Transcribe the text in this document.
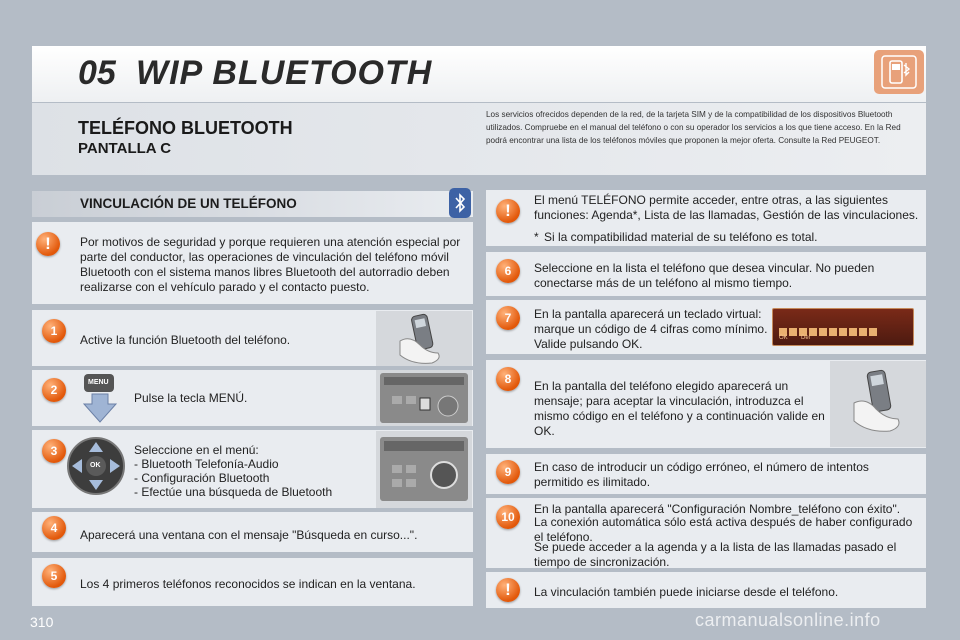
05 WIP BLUETOOTH
TELÉFONO BLUETOOTH
PANTALLA C
Los servicios ofrecidos dependen de la red, de la tarjeta SIM y de la compatibilidad de los dispositivos Bluetooth utilizados. Compruebe en el manual del teléfono o con su operador los servicios a los que tiene acceso. En la Red podrá encontrar una lista de los teléfonos móviles que proponen la mejor oferta. Consulte la Red PEUGEOT.
VINCULACIÓN DE UN TELÉFONO
!	Por motivos de seguridad y porque requieren una atención especial por parte del conductor, las operaciones de vinculación del teléfono móvil Bluetooth con el sistema manos libres Bluetooth del autorradio deben realizarse con el vehículo parado y el contacto puesto.
1
Active la función Bluetooth del teléfono.
2
MENU
Pulse la tecla MENÚ.
3
OK
Seleccione en el menú:
- Bluetooth Telefonía-Audio
- Configuración Bluetooth
- Efectúe una búsqueda de Bluetooth
4	Aparecerá una ventana con el mensaje "Búsqueda en curso...".
5
Los 4 primeros teléfonos reconocidos se indican en la ventana.
!
El menú TELÉFONO permite acceder, entre otras, a las siguientes funciones: Agenda*, Lista de las llamadas, Gestión de las vinculaciones.
* Si la compatibilidad material de su teléfono es total.
6	Seleccione en la lista el teléfono que desea vincular. No pueden conectarse más de un teléfono al mismo tiempo.
7	En la pantalla aparecerá un teclado virtual: marque un código de 4 cifras como mínimo. Valide pulsando OK.	OK Del
8	En la pantalla del teléfono elegido aparecerá un mensaje; para aceptar la vinculación, introduzca el mismo código en el teléfono y a continuación valide en OK.
9	En caso de introducir un código erróneo, el número de intentos permitido es ilimitado.
10
En la pantalla aparecerá "Configuración Nombre_teléfono con éxito".
La conexión automática sólo está activa después de haber configurado el teléfono.
Se puede acceder a la agenda y a la lista de las llamadas pasado el tiempo de sincronización.
!	La vinculación también puede iniciarse desde el teléfono.
310	carmanualsonline.info
